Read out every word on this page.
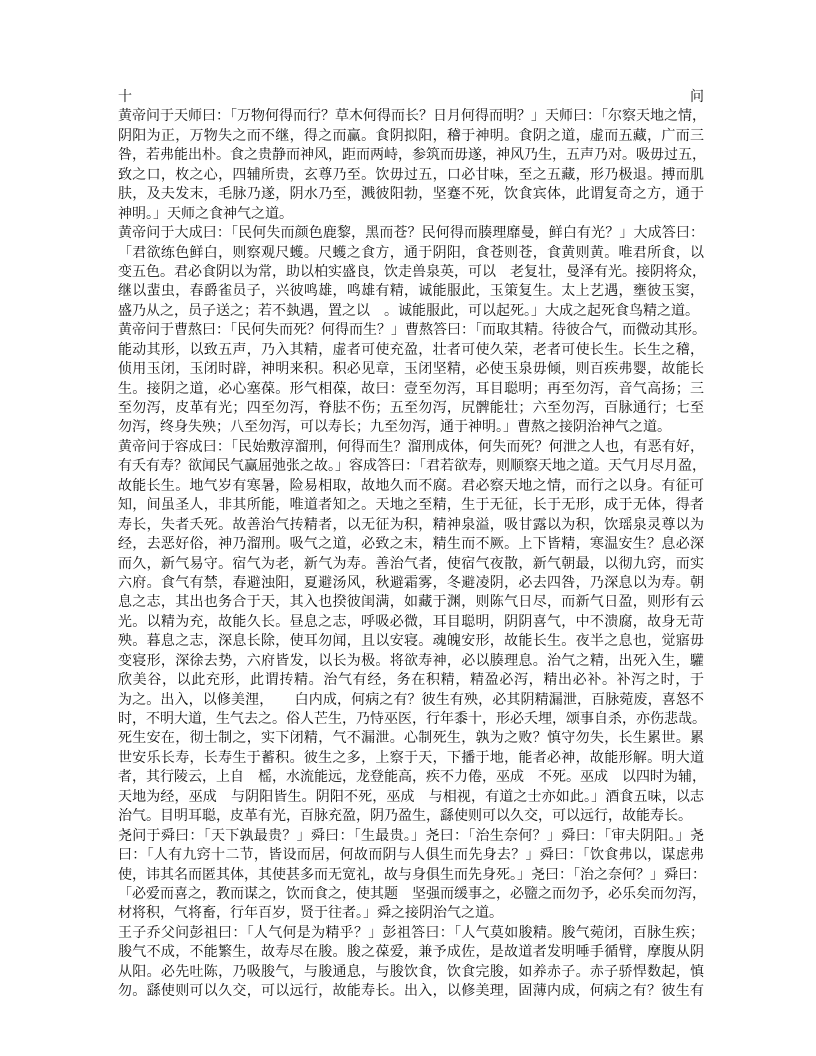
十问
黄帝问于天师曰：「万物何得而行？草木何得而长？日月何得而明？」天师曰：「尔察天地之情，
阴阳为正，万物失之而不继，得之而赢。食阴拟阳，稽于神明。食阴之道，虚而五藏，广而三
咎，若弗能出朴。食之贵静而神风，距而两峙，参筑而毋遂，神风乃生，五声乃对。吸毋过五，
致之口，枚之心，四辅所贵，玄尊乃至。饮毋过五，口必甘味，至之五藏，形乃极退。搏而肌
肤，及夫发末，毛脉乃遂，阴水乃至，溅彼阳勃，坚蹇不死，饮食宾体，此谓复奇之方，通于
神明。」天师之食神气之道。
黄帝问于大成曰：「民何失而颜色鹿黎，黑而苍？民何得而腠理靡曼，鲜白有光？」大成答曰：
「君欲练色鲜白，则察观尺蠖。尺蠖之食方，通于阴阳，食苍则苍，食黄则黄。唯君所食，以
变五色。君必食阴以为常，助以柏实盛良，饮走兽泉英，可以　老复壮，曼泽有光。接阴将众，
继以蜚虫，春爵雀员子，兴彼鸣雄，鸣雄有精，诚能服此，玉策复生。太上艺遇，壅彼玉窦，
盛乃从之，员子送之；若不埶遇，置之以　。诚能服此，可以起死。」大成之起死食鸟精之道。
黄帝问于曹熬曰：「民何失而死？何得而生？」曹熬答曰：「而取其精。待彼合气，而微动其形。
能动其形，以致五声，乃入其精，虚者可使充盈，壮者可使久荣，老者可使长生。长生之稽，
侦用玉闭，玉闭时辟，神明来积。积必见章，玉闭坚精，必使玉泉毋倾，则百疾弗婴，故能长
生。接阴之道，必心塞葆。形气相葆，故曰：壹至勿泻，耳目聪明；再至勿泻，音气高扬；三
至勿泻，皮革有光；四至勿泻，脊胠不伤；五至勿泻，尻髀能壮；六至勿泻，百脉通行；七至
勿泻，终身失殃；八至勿泻，可以寿长；九至勿泻，通于神明。」曹熬之接阴治神气之道。
黄帝问于容成曰：「民始敷淳溜刑，何得而生？溜刑成体，何失而死？何泄之人也，有恶有好，
有夭有寿？欲闻民气赢屈弛张之故。」容成答曰：「君若欲寿，则顺察天地之道。天气月尽月盈，
故能长生。地气岁有寒暑，险易相取，故地久而不腐。君必察天地之情，而行之以身。有征可
知，间虽圣人，非其所能，唯道者知之。天地之至精，生于无征，长于无形，成于无体，得者
寿长，失者夭死。故善治气抟精者，以无征为积，精神泉溢，吸甘露以为积，饮瑶泉灵尊以为
经，去恶好俗，神乃溜刑。吸气之道，必致之末，精生而不厥。上下皆精，寒温安生？息必深
而久，新气易守。宿气为老，新气为寿。善治气者，使宿气夜散，新气朝最，以彻九窍，而实
六府。食气有禁，春避浊阳，夏避汤风，秋避霜雾，冬避凌阴，必去四咎，乃深息以为寿。朝
息之志，其出也务合于天，其入也揆彼闺满，如藏于渊，则陈气日尽，而新气日盈，则形有云
光。以精为充，故能久长。昼息之志，呼吸必微，耳目聪明，阴阴喜气，中不溃腐，故身无苛
殃。暮息之志，深息长除，使耳勿闻，且以安寝。魂魄安形，故能长生。夜半之息也，觉寤毋
变寝形，深徐去势，六府皆发，以长为极。将欲寿神，必以腠理息。治气之精，出死入生，驩
欣美谷，以此充形，此谓抟精。治气有经，务在积精，精盈必泻，精出必补。补泻之时，于
为之。出入，以修美浬，　　白内成，何病之有？彼生有殃，必其阴精漏泄，百脉菀废，喜怒不
时，不明大道，生气去之。俗人芒生，乃恃巫医，行年黍十，形必夭埋，颂事自杀，亦伤悲哉。
死生安在，彻士制之，实下闭精，气不漏泄。心制死生，孰为之败？慎守勿失，长生累世。累
世安乐长寿，长寿生于蓄积。彼生之多，上察于天，下播于地，能者必神，故能形解。明大道
者，其行陵云，上自　榣，水流能远，龙登能高，疾不力倦，巫成　不死。巫成　以四时为辅，
天地为经，巫成　与阴阳皆生。阴阳不死，巫成　与相视，有道之士亦如此。」酒食五味，以志
治气。目明耳聪，皮革有光，百脉充盈，阴乃盈生，繇使则可以久交，可以远行，故能寿长。
尧问于舜曰：「天下孰最贵？」舜曰：「生最贵。」尧曰：「治生奈何？」舜曰：「审夫阴阳。」尧
曰：「人有九窍十二节，皆设而居，何故而阴与人俱生而先身去？」舜曰：「饮食弗以，谋虑弗
使，讳其名而匿其体，其使甚多而无宽礼，故与身俱生而先身死。」尧曰：「治之奈何？」舜曰：
「必爱而喜之，教而谋之，饮而食之，使其题　坚强而缓事之，必盬之而勿予，必乐矣而勿泻，
材将积，气将畜，行年百岁，贤于往者。」舜之接阴治气之道。
王子乔父问彭祖曰：「人气何是为精乎？」彭祖答曰：「人气莫如朘精。朘气菀闭，百脉生疾；
朘气不成，不能繁生，故寿尽在朘。朘之葆爱，兼予成佐，是故道者发明唾手循臂，摩腹从阴
从阳。必先吐陈，乃吸朘气，与朘通息，与朘饮食，饮食完朘，如养赤子。赤子骄悍数起，慎
勿。繇使则可以久交，可以远行，故能寿长。出入，以修美理，固薄内成，何病之有？彼生有
